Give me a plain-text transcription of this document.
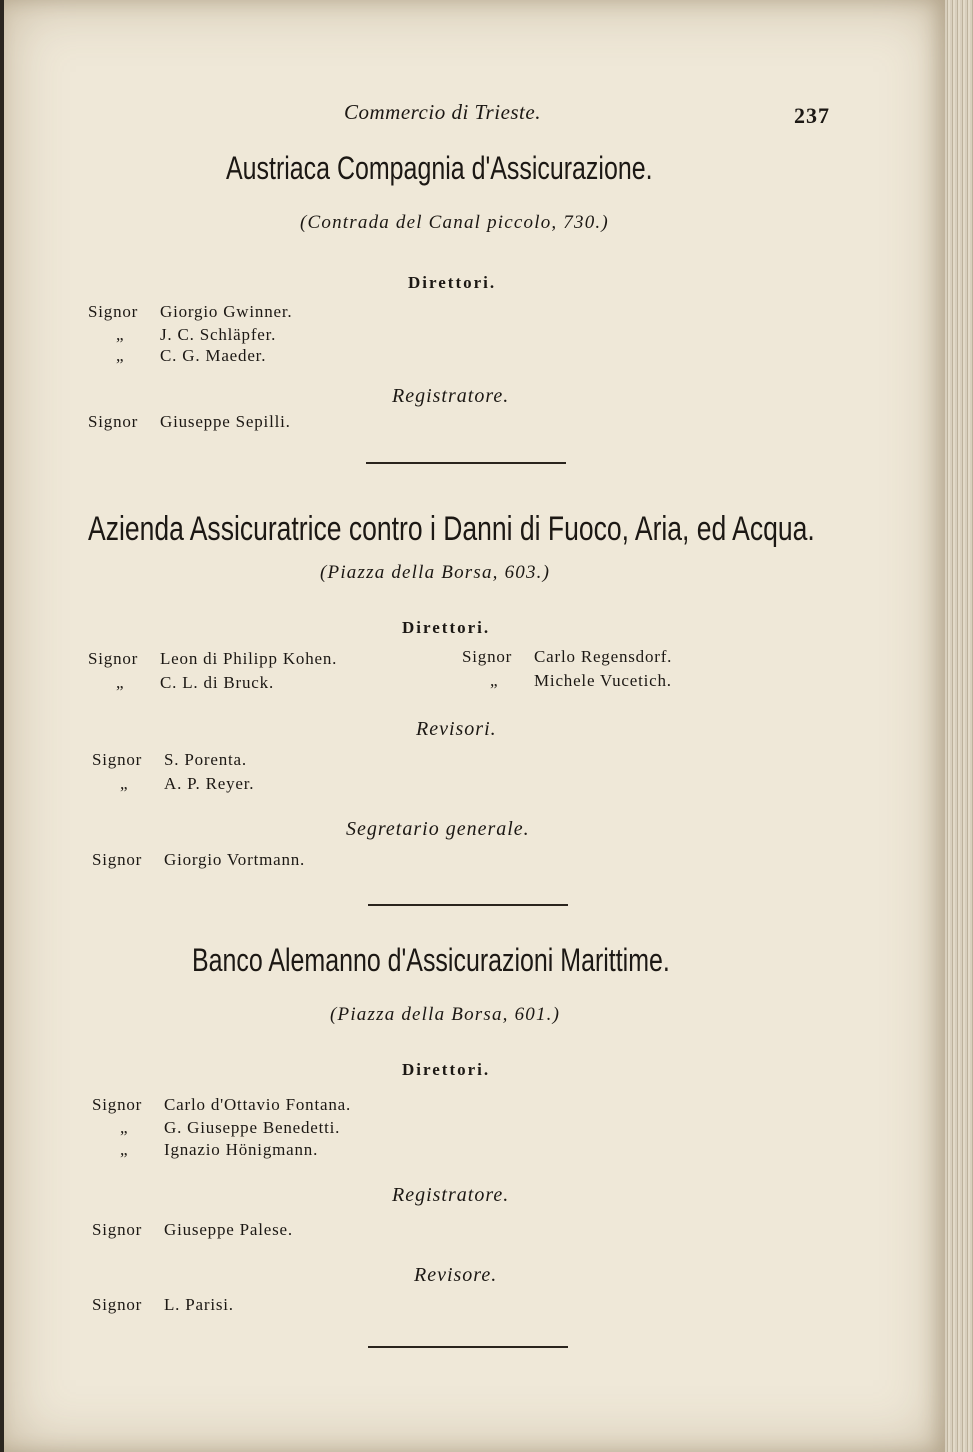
Commercio di Trieste.	237
Austriaca Compagnia d'Assicurazione.
(Contrada del Canal piccolo, 730.)
Direttori.
Signor Giorgio Gwinner.
„ J. C. Schläpfer.
„ C. G. Maeder.
Registratore.
Signor Giuseppe Sepilli.
Azienda Assicuratrice contro i Danni di Fuoco, Aria, ed Acqua.
(Piazza della Borsa, 603.)
Direttori.
Signor Leon di Philipp Kohen.
„ C. L. di Bruck.
Signor Carlo Regensdorf.
„ Michele Vucetich.
Revisori.
Signor S. Porenta.
„ A. P. Reyer.
Segretario generale.
Signor Giorgio Vortmann.
Banco Alemanno d'Assicurazioni Marittime.
(Piazza della Borsa, 601.)
Direttori.
Signor Carlo d'Ottavio Fontana.
„ G. Giuseppe Benedetti.
„ Ignazio Hönigmann.
Registratore.
Signor Giuseppe Palese.
Revisore.
Signor L. Parisi.
